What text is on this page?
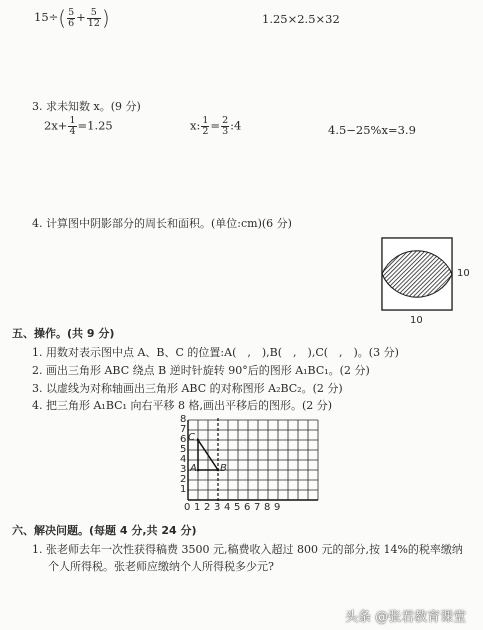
$15\div( \frac{5}{6} + \frac{5}{12}$ )	1.25×2.5×32
3. 求未知数 x。(9 分)
$2x+ \frac{1}{4} =1.25$	x: $\frac{1}{2} = \frac{2}{3}$ :4	4.5−25%x=3.9
4. 计算图中阴影部分的周长和面积。(单位:cm)(6 分)
10
10
五、操作。(共 9 分)
1. 用数对表示图中点 A、B、C 的位置:A(　,　),B(　,　),C(　,　)。(3 分)
2. 画出三角形 ABC 绕点 B 逆时针旋转 90°后的图形 A₁BC₁。(2 分)
3. 以虚线为对称轴画出三角形 ABC 的对称图形 A₂BC₂。(2 分)
4. 把三角形 A₁BC₁ 向右平移 8 格,画出平移后的图形。(2 分)
8
7
6
5
4
3
2
1
0 1 2 3 4 5 6 7 8 9
C
A B
六、解决问题。(每题 4 分,共 24 分)
1. 张老师去年一次性获得稿费 3500 元,稿费收入超过 800 元的部分,按 14%的税率缴纳
个人所得税。张老师应缴纳个人所得税多少元?
头条 @张君教育课堂
